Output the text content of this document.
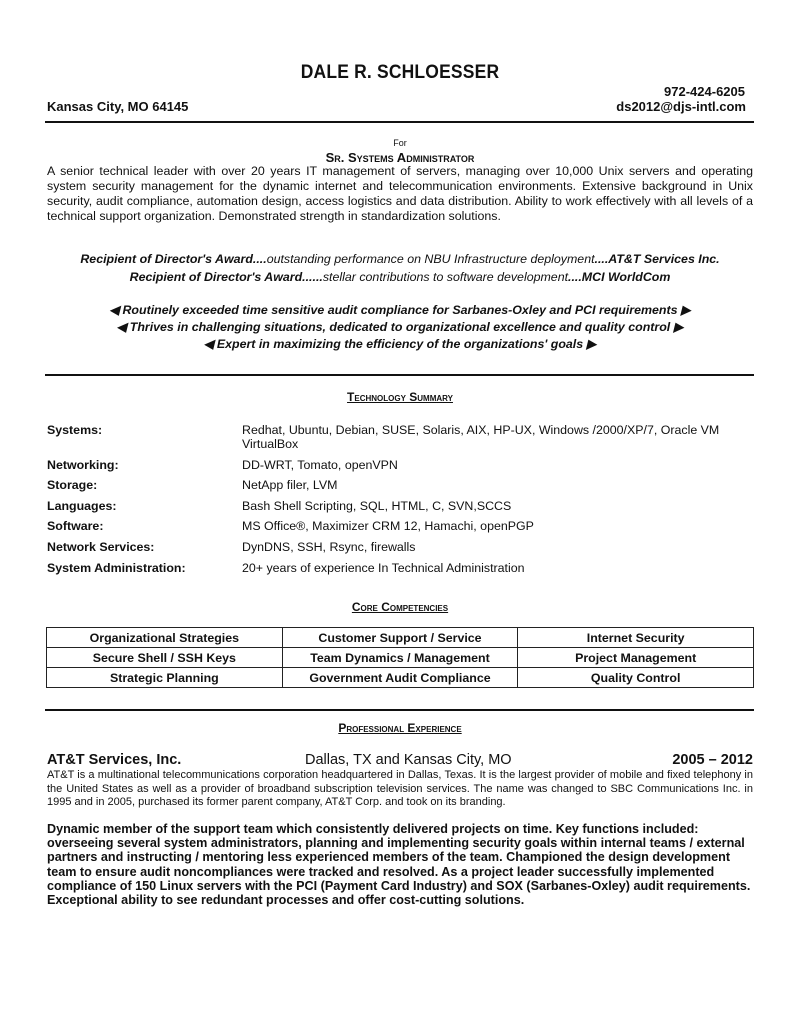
DALE R. SCHLOESSER
Kansas City, MO 64145
972-424-6205
ds2012@djs-intl.com
For
Sr. Systems Administrator
A senior technical leader with over 20 years IT management of servers, managing over 10,000 Unix servers and operating system security management for the dynamic internet and telecommunication environments. Extensive background in Unix security, audit compliance, automation design, access logistics and data distribution. Ability to work effectively with all levels of a technical support organization. Demonstrated strength in standardization solutions.
Recipient of Director's Award....outstanding performance on NBU Infrastructure deployment....AT&T Services Inc.
Recipient of Director's Award......stellar contributions to software development....MCI WorldCom
◀ Routinely exceeded time sensitive audit compliance for Sarbanes-Oxley and PCI requirements ▶
◀ Thrives in challenging situations, dedicated to organizational excellence and quality control ▶
◀ Expert in maximizing the efficiency of the organizations' goals ▶
Technology Summary
Systems:	Redhat, Ubuntu, Debian, SUSE, Solaris, AIX, HP-UX, Windows /2000/XP/7, Oracle VM VirtualBox
Networking:	DD-WRT, Tomato, openVPN
Storage:	NetApp filer, LVM
Languages:	Bash Shell Scripting, SQL, HTML, C, SVN,SCCS
Software:	MS Office®, Maximizer CRM 12, Hamachi, openPGP
Network Services:	DynDNS, SSH, Rsync, firewalls
System Administration:	20+ years of experience In Technical Administration
Core Competencies
Organizational Strategies	Customer Support / Service	Internet Security
Secure Shell / SSH Keys	Team Dynamics / Management	Project Management
Strategic Planning	Government Audit Compliance	Quality Control
Professional Experience
AT&T Services, Inc.	Dallas, TX and Kansas City, MO	2005 – 2012
AT&T is a multinational telecommunications corporation headquartered in Dallas, Texas. It is the largest provider of mobile and fixed telephony in the United States as well as a provider of broadband subscription television services. The name was changed to SBC Communications Inc. in 1995 and in 2005, purchased its former parent company, AT&T Corp. and took on its branding.
Dynamic member of the support team which consistently delivered projects on time. Key functions included: overseeing several system administrators, planning and implementing security goals within internal teams / external partners and instructing / mentoring less experienced members of the team. Championed the design development team to ensure audit noncompliances were tracked and resolved. As a project leader successfully implemented compliance of 150 Linux servers with the PCI (Payment Card Industry) and SOX (Sarbanes-Oxley) audit requirements. Exceptional ability to see redundant processes and offer cost-cutting solutions.
